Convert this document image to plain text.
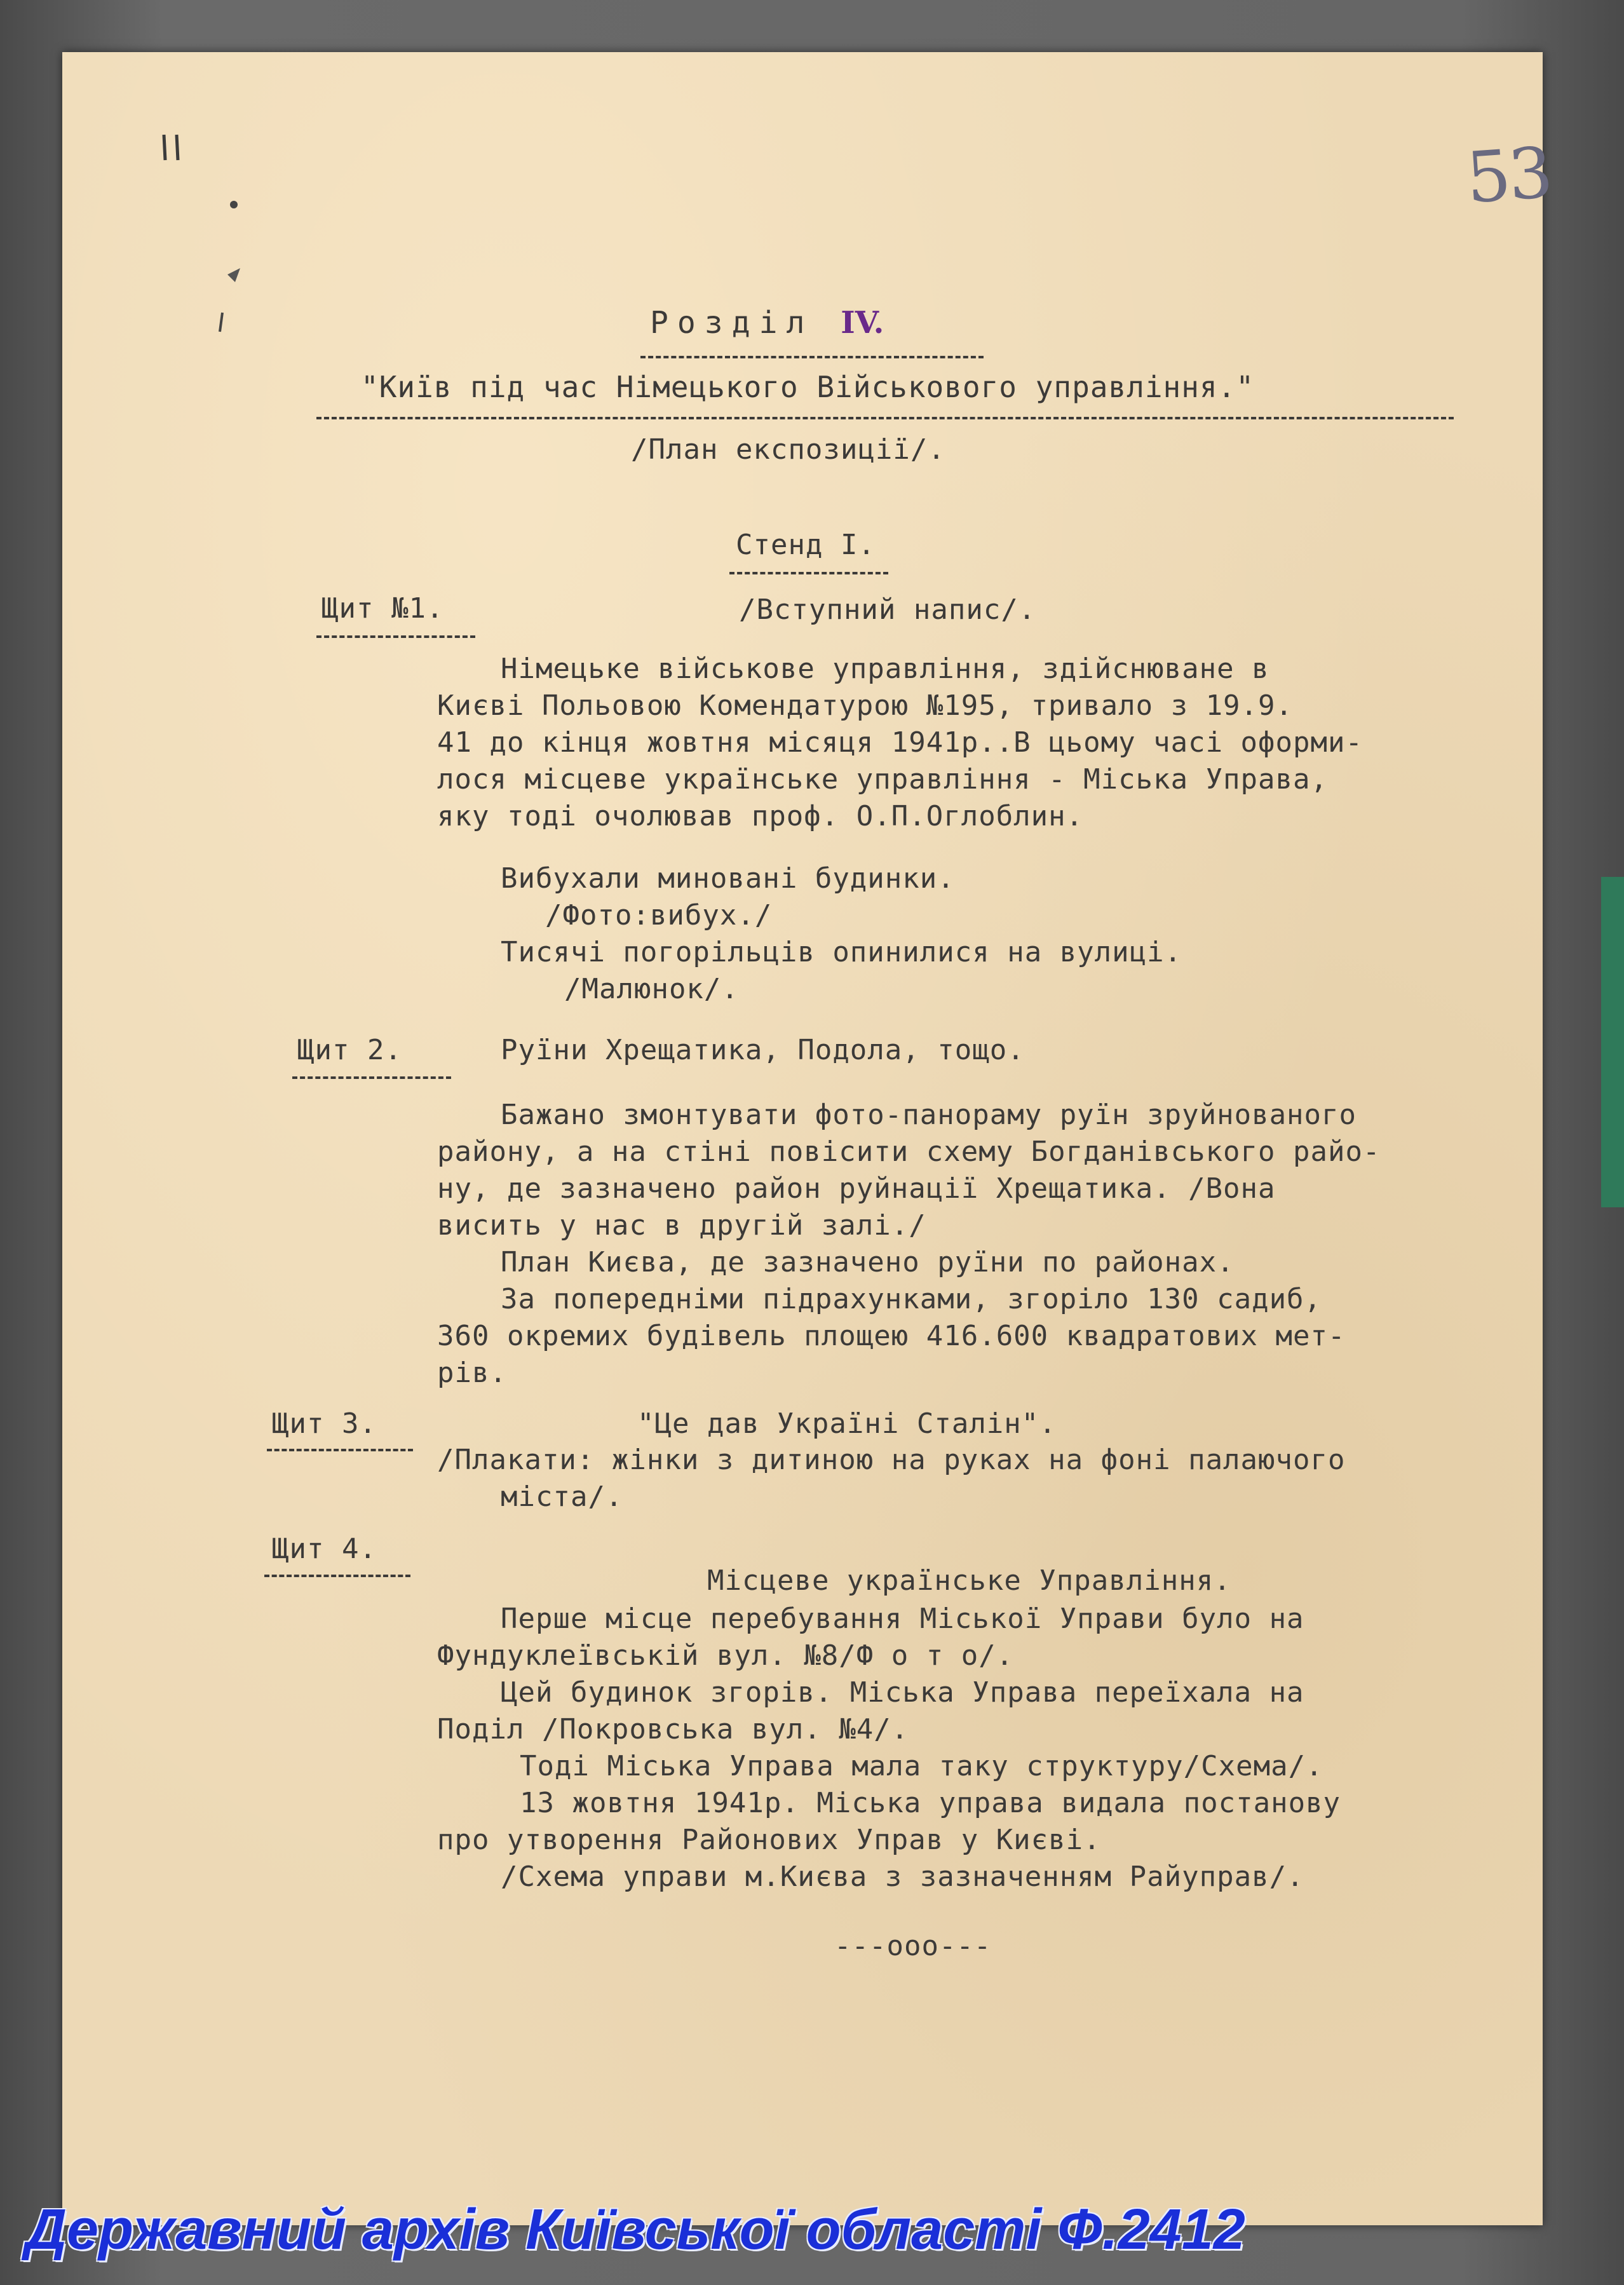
53
Розділ IV.
"Київ під час Німецького Військового управління."
/План експозиції/.
Стенд I.
Щит №1.	/Вступний напис/.
Німецьке військове управління, здійснюване в
Києві Польовою Комендатурою №195, тривало з 19.9.
41 до кінця жовтня місяця 1941р..В цьому часі оформи-
лося місцеве українське управління - Міська Управа,
яку тоді очолював проф. О.П.Оглоблин.
Вибухали миновані будинки.
/Фото:вибух./
Тисячі погорільців опинилися на вулиці.
/Малюнок/.
Щит 2.	Руїни Хрещатика, Подола, тощо.
Бажано змонтувати фото-панораму руїн зруйнованого
району, а на стіні повісити схему Богданівського райо-
ну, де зазначено район руйнації Хрещатика. /Вона
висить у нас в другій залі./
План Києва, де зазначено руїни по районах.
За попередніми підрахунками, згоріло 130 садиб,
360 окремих будівель площею 416.600 квадратових мет-
рів.
Щит 3.	"Це дав Україні Сталін".
/Плакати: жінки з дитиною на руках на фоні палаючого
міста/.
Щит 4.
Місцеве українське Управління.
Перше місце перебування Міської Управи було на
Фундуклеївській вул. №8/Ф о т о/.
Цей будинок згорів. Міська Управа переїхала на
Поділ /Покровська вул. №4/.
Тоді Міська Управа мала таку структуру/Схема/.
13 жовтня 1941р. Міська управа видала постанову
про утворення Районових Управ у Києві.
/Схема управи м.Києва з зазначенням Райуправ/.
---ооо---
Державний архів Київської області Ф.2412
